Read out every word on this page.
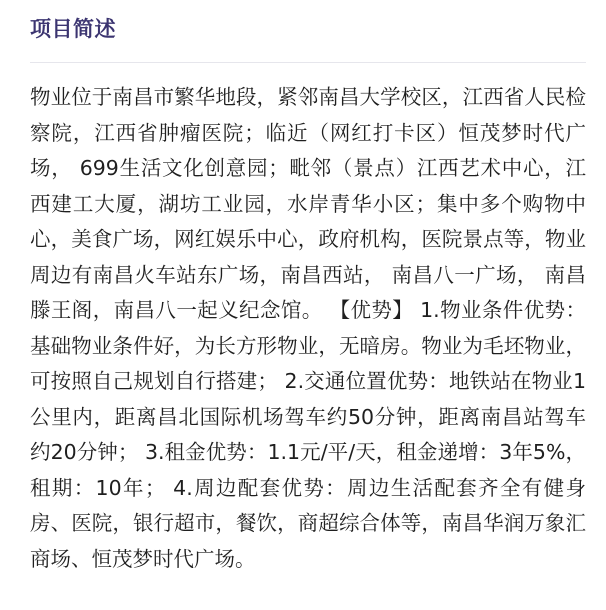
项目简述

物业位于南昌市繁华地段，紧邻南昌大学校区，江西省人民检察院，江西省肿瘤医院；临近（网红打卡区）恒茂梦时代广场， 699生活文化创意园；毗邻（景点）江西艺术中心，江西建工大厦，湖坊工业园，水岸青华小区；集中多个购物中心，美食广场，网红娱乐中心，政府机构，医院景点等，物业周边有南昌火车站东广场，南昌西站， 南昌八一广场， 南昌滕王阁，南昌八一起义纪念馆。 【优势】 1.物业条件优势：基础物业条件好，为长方形物业，无暗房。物业为毛坯物业，可按照自己规划自行搭建； 2.交通位置优势：地铁站在物业1公里内，距离昌北国际机场驾车约50分钟，距离南昌站驾车约20分钟； 3.租金优势：1.1元/平/天，租金递增：3年5%，租期：10年； 4.周边配套优势：周边生活配套齐全有健身房、医院，银行超市，餐饮，商超综合体等，南昌华润万象汇商场、恒茂梦时代广场。
